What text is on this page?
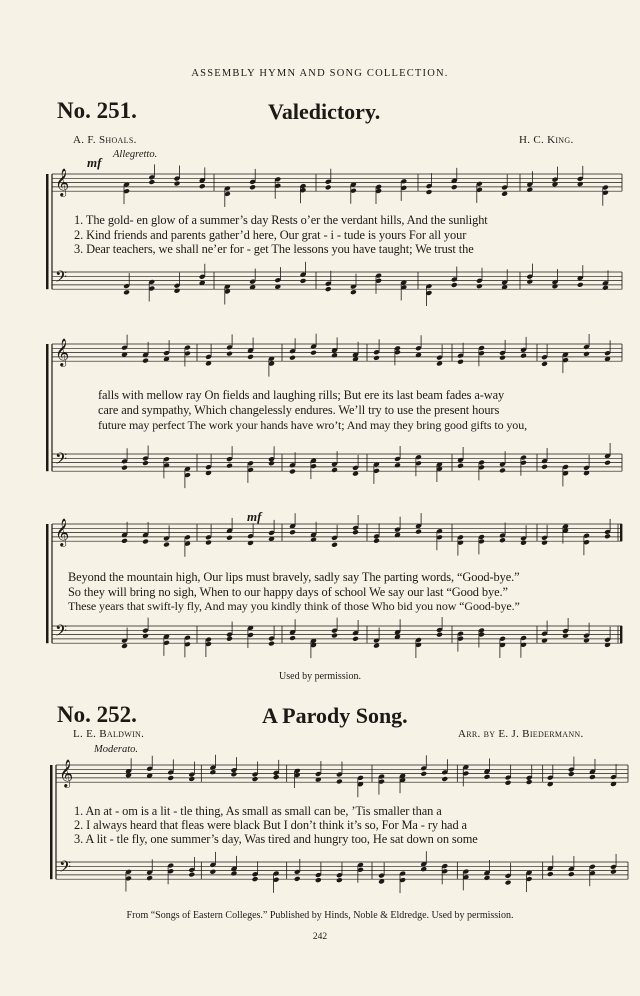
ASSEMBLY HYMN AND SONG COLLECTION.
No. 251.	Valedictory.
A. F. Shoals.	H. C. King.
Allegretto.
mf
mf
𝄞
𝄢
𝄞
𝄢
𝄞
𝄢
𝄞
𝄢
1. The gold- en glow of a summer’s day Rests o’er the verdant hills, And the sunlight
2. Kind friends and parents gather’d here, Our grat - i - tude is yours For all your
3. Dear teachers, we shall ne’er for - get The lessons you have taught; We trust the
falls with mellow ray On fields and laughing rills; But ere its last beam fades a-way
care and sympathy, Which changelessly endures. We’ll try to use the present hours
future may perfect The work your hands have wro’t; And may they bring good gifts to you,
Beyond the mountain high, Our lips must bravely, sadly say The parting words, “Good-bye.”
So they will bring no sigh, When to our happy days of school We say our last “Good bye.”
These years that swift-ly fly, And may you kindly think of those Who bid you now “Good-bye.”
Used by permission.
No. 252.	A Parody Song.
L. E. Baldwin.	Arr. by E. J. Biedermann.
Moderato.
1. An at - om is a lit - tle thing, As small as small can be, ’Tis smaller than a
2. I always heard that fleas were black But I don’t think it’s so, For Ma - ry had a
3. A lit - tle fly, one summer’s day, Was tired and hungry too, He sat down on some
From “Songs of Eastern Colleges.” Published by Hinds, Noble & Eldredge. Used by permission.
242
